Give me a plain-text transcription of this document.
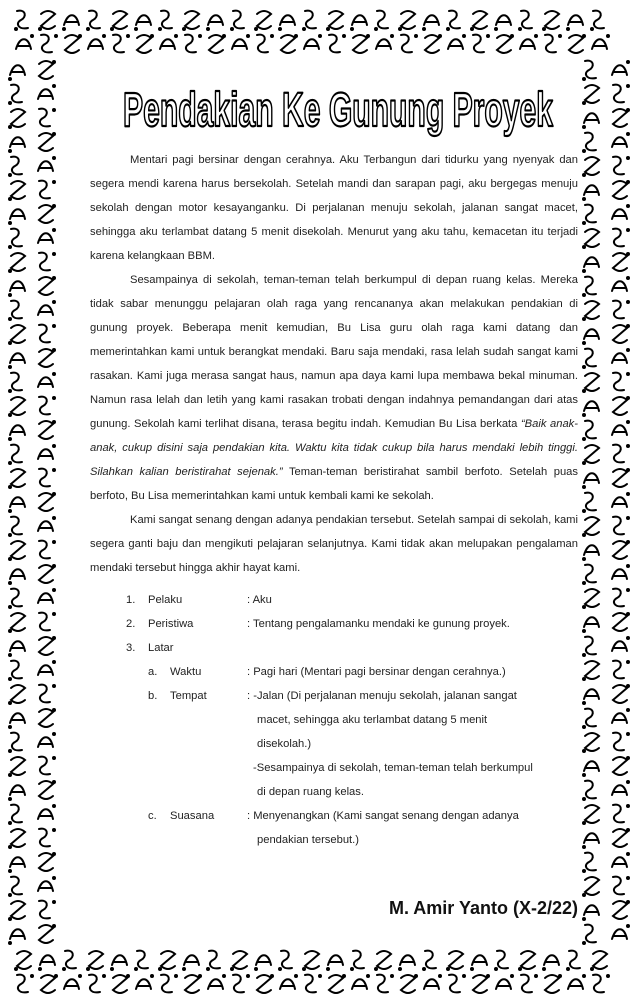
Pendakian Ke Gunung Proyek

Mentari pagi bersinar dengan cerahnya. Aku Terbangun dari tidurku yang nyenyak dan segera mendi karena harus bersekolah. Setelah mandi dan sarapan pagi, aku bergegas menuju sekolah dengan motor kesayanganku. Di perjalanan menuju sekolah, jalanan sangat macet, sehingga aku terlambat datang 5 menit disekolah. Menurut yang aku tahu, kemacetan itu terjadi karena kelangkaan BBM.

Sesampainya di sekolah, teman-teman telah berkumpul di depan ruang kelas. Mereka tidak sabar menunggu pelajaran olah raga yang rencananya akan melakukan pendakian di gunung proyek. Beberapa menit kemudian, Bu Lisa guru olah raga kami datang dan memerintahkan kami untuk berangkat mendaki. Baru saja mendaki, rasa lelah sudah sangat kami rasakan. Kami juga merasa sangat haus, namun apa daya kami lupa membawa bekal minuman. Namun rasa lelah dan letih yang kami rasakan trobati dengan indahnya pemandangan dari atas gunung. Sekolah kami terlihat disana, terasa begitu indah. Kemudian Bu Lisa berkata “Baik anak-anak, cukup disini saja pendakian kita. Waktu kita tidak cukup bila harus mendaki lebih tinggi. Silahkan kalian beristirahat sejenak.” Teman-teman beristirahat sambil berfoto. Setelah puas berfoto, Bu Lisa memerintahkan kami untuk kembali kami ke sekolah.

Kami sangat senang dengan adanya pendakian tersebut. Setelah sampai di sekolah, kami segera ganti baju dan mengikuti pelajaran selanjutnya. Kami tidak akan melupakan pengalaman mendaki tersebut hingga akhir hayat kami.

1. Pelaku	: Aku
2. Peristiwa	: Tentang pengalamanku mendaki ke gunung proyek.
3. Latar
a. Waktu	: Pagi hari (Mentari pagi bersinar dengan cerahnya.)
b. Tempat	: -Jalan (Di perjalanan menuju sekolah, jalanan sangat
macet, sehingga aku terlambat datang 5 menit
disekolah.)
-Sesampainya di sekolah, teman-teman telah berkumpul
di depan ruang kelas.
c. Suasana	: Menyenangkan (Kami sangat senang dengan adanya
pendakian tersebut.)
M. Amir Yanto (X-2/22)
